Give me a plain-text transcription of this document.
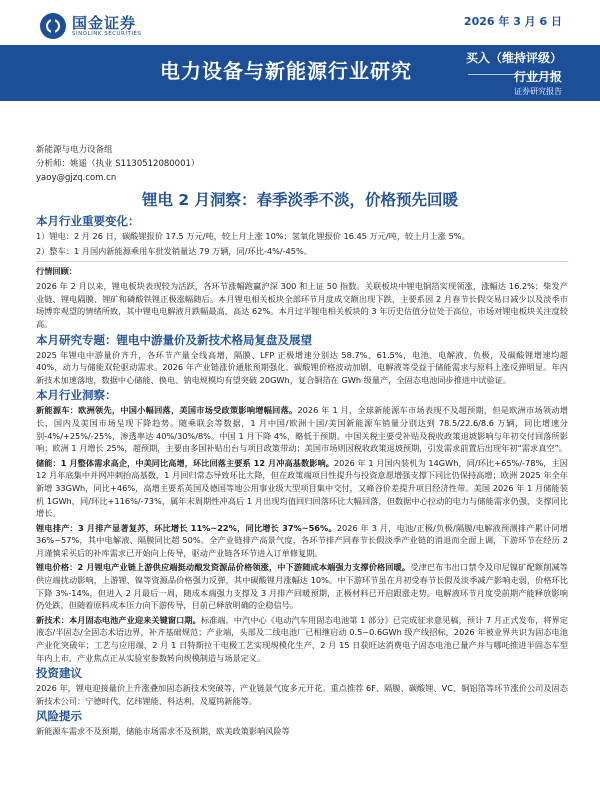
国金证券
SINOLINK SECURITIES
2026 年 3 月 6 日
电力设备与新能源行业研究
买入（维持评级）
行业月报
证券研究报告
新能源与电力设备组
分析师：姚遥（执业 S1130512080001）
yaoy@gjzq.com.cn
锂电 2 月洞察：春季淡季不淡，价格预先回暖
本月行业重要变化：
1）锂电：2 月 26 日，碳酸锂报价 17.5 万元/吨，较上月上涨 10%；氢氧化锂报价 16.45 万元/吨，较上月上涨 5%。
2）整车：1 月国内新能源乘用车批发销量达 79 万辆，同/环比-4%/-45%。
行情回顾：
2026 年 2 月以来，锂电板块表现较为活跃，各环节涨幅跑赢沪深 300 和上证 50 指数。关联板块中锂电铜箔实现领涨，涨幅达 16.2%；柴发产业链、锂电隔膜、锂矿和磷酸铁锂正极涨幅随后。本月锂电相关板块全部环节月度成交额出现下跌，主要系因 2 月春节长假交易日减少以及淡季市场博弈观望的情绪所致，其中锂电电解液月跌幅最高，高达 62%。本月过半锂电相关板块的 3 年历史估值分位处于高位，市场对锂电板块关注度较高。
本月研究专题：锂电中游量价及新技术格局复盘及展望
2025 年锂电中游量价齐升，各环节产量全线高增，隔膜、LFP 正极增速分别达 58.7%、61.5%，电池、电解液、负极，及碳酸锂增速均超 40%，动力与储能双轮驱动需求。2026 年产业链涨价通胀预期强化，碳酸锂价格波动加剧，电解液等受益于储能需求与原料上涨反弹明显。年内新技术加速落地，数据中心储能、换电、钠电规模均有望突破 20GWh，复合铜箔在 GWh 级量产，全固态电池同步推进中试验证。
本月行业洞察：
新能源车：欧洲领先，中国小幅回落，美国市场受政策影响增幅回落。2026 年 1 月，全球新能源车市场表现不及超预期，但是欧洲市场领动增长，国内及美国市场呈现下降趋势。随乘联会等数据，1 月中国/欧洲十国/美国新能源车销量分别达到 78.5/22.6/8.6 万辆，同比增速分别-4%/+25%/-25%，渗透率达 40%/30%/8%。中国 1 月下降 4%，略低于预期。中国关税主要受补贴及税收政策退坡影响与年初交付回落所影响；欧洲 1 月增长 25%，超预期，主要由多国补贴出台与项目政策带动；美国市场则因税收政策退坡预期，引发需求前置后出现年初“需求真空”。
储能：1 月整体需求高企，中美同比高增，环比回落主要系 12 月冲高基数影响。2026 年 1 月国内装机为 14GWh，同/环比+65%/-78%，主因 12 月年底集中并网冲刺抬高基数，1 月回归常态导致环比大降，但在政策端项目性提升与投资意愿增强支撑下同比仍保持高增；欧洲 2025 年全年新增 33GWh，同比+46%，高增主要系英国及德国等地公用事业级大型项目集中交付，又峰谷价差提升项目经济性带。美国 2026 年 1 月储能装机 1GWh，同/环比+116%/-73%，属年末周期性冲高后 1 月出现均值回归回落环比大幅回落，但数据中心拉动的电力与储能需求仍强，支撑同比增长。
锂电排产：3 月排产显著复苏，环比增长 11%~22%，同比增长 37%~56%。2026 年 3 月，电池/正极/负极/隔膜/电解液预测排产累计同增 36%~57%，其中电解液、隔膜同比超 50%。全产业链排产高景气度，各环节排产同春节长假淡季产业链的消退而全面上调，下游环节在经历 2 月谨慎采买后的补库需求已开始向上传导，驱动产业链各环节进入订单修复期。
锂电价格：2 月锂电产业链上游供应端挺动酿发资源品价格领涨，中下游随成本端强力支撑价格回暖。受津巴布韦出口禁令及印尼镍矿配额削减等供应端扰动影响，上游锂、镍等资源品价格强力反弹，其中碳酸锂月涨幅达 10%。中下游环节虽在月初受春节长假及淡季减产影响走弱，价格环比下降 3%-14%，但进入 2 月最后一周，随成本端强力支撑及 3 月排产回暖预期，正极材料已开启跟涨走势。电解液环节月度受前期产能释放影响仍处跌，但随着原料成本压力向下游传导，目前已释放明确的企稳信号。
新技术：本月固态电池产业迎来关键窗口期。标准端，中汽中心《电动汽车用固态电池第 1 部分》已完成征求意见稿，预计 7 月正式发布，将界定液态/半固态/全固态术语边界，补齐基础规范；产业端，头部及二线电池厂已相继启动 0.5~0.6GWh 级产线招标，2026 年被业界共识为固态电池产业化突破年；工艺与应用端，2 月 1 日特斯拉干电极工艺实现规模化生产，2 月 15 日获旺达消费电子固态电池已量产并与哪吒推进半固态车型年内上市，产业焦点正从实验室参数转向规模制造与场景定义。
投资建议
2026 年，锂电迎接量价上升涨叠加固态新技术突破等，产业链景气度多元开花。重点推荐 6F、隔膜、碳酸锂、VC、铜铝箔等环节涨价公司及固态新技术公司：宁德时代、亿纬锂能、科达利，及厦钨新能等。
风险提示
新能源车需求不及预期，储能市场需求不及预期，欧美政策影响风险等
